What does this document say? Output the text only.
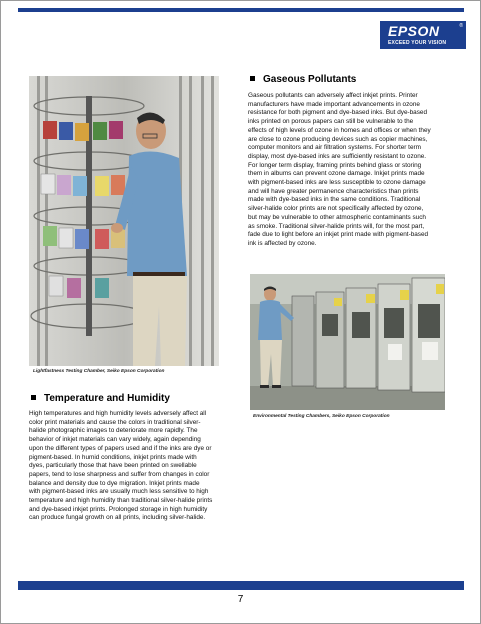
EPSON	®
EXCEED YOUR VISION
Lightfastness Testing Chamber, Seiko Epson Corporation
Gaseous Pollutants
Gaseous pollutants can adversely affect inkjet prints. Printer
manufacturers have made important advancements in ozone
resistance for both pigment and dye-based inks. But dye-based
inks printed on porous papers can still be vulnerable to the
effects of high levels of ozone in homes and offices or when they
are close to ozone producing devices such as copier machines,
computer monitors and air filtration systems. For shorter term
display, most dye-based inks are sufficiently resistant to ozone.
For longer term display, framing prints behind glass or storing
them in albums can prevent ozone damage. Inkjet prints made
with pigment-based inks are less susceptible to ozone damage
and will have greater permanence characteristics than prints
made with dye-based inks in the same conditions. Traditional
silver-halide color prints are not specifically affected by ozone,
but may be vulnerable to other atmospheric contaminants such
as smoke. Traditional silver-halide prints will, for the most part,
fade due to light before an inkjet print made with pigment-based
ink is affected by ozone.
Environmental Testing Chambers, Seiko Epson Corporation
Temperature and Humidity
High temperatures and high humidity levels adversely affect all
color print materials and cause the colors in traditional silver-
halide photographic images to deteriorate more rapidly. The
behavior of inkjet materials can vary widely, again depending
upon the different types of papers used and if the inks are dye or
pigment-based. In humid conditions, inkjet prints made with
dyes, particularly those that have been printed on swellable
papers, tend to lose sharpness and suffer from changes in color
balance and density due to dye migration. Inkjet prints made
with pigment-based inks are usually much less sensitive to high
temperature and high humidity than traditional silver-halide prints
and dye-based inkjet prints. Prolonged storage in high humidity
can produce fungal growth on all prints, including silver-halide.
7
